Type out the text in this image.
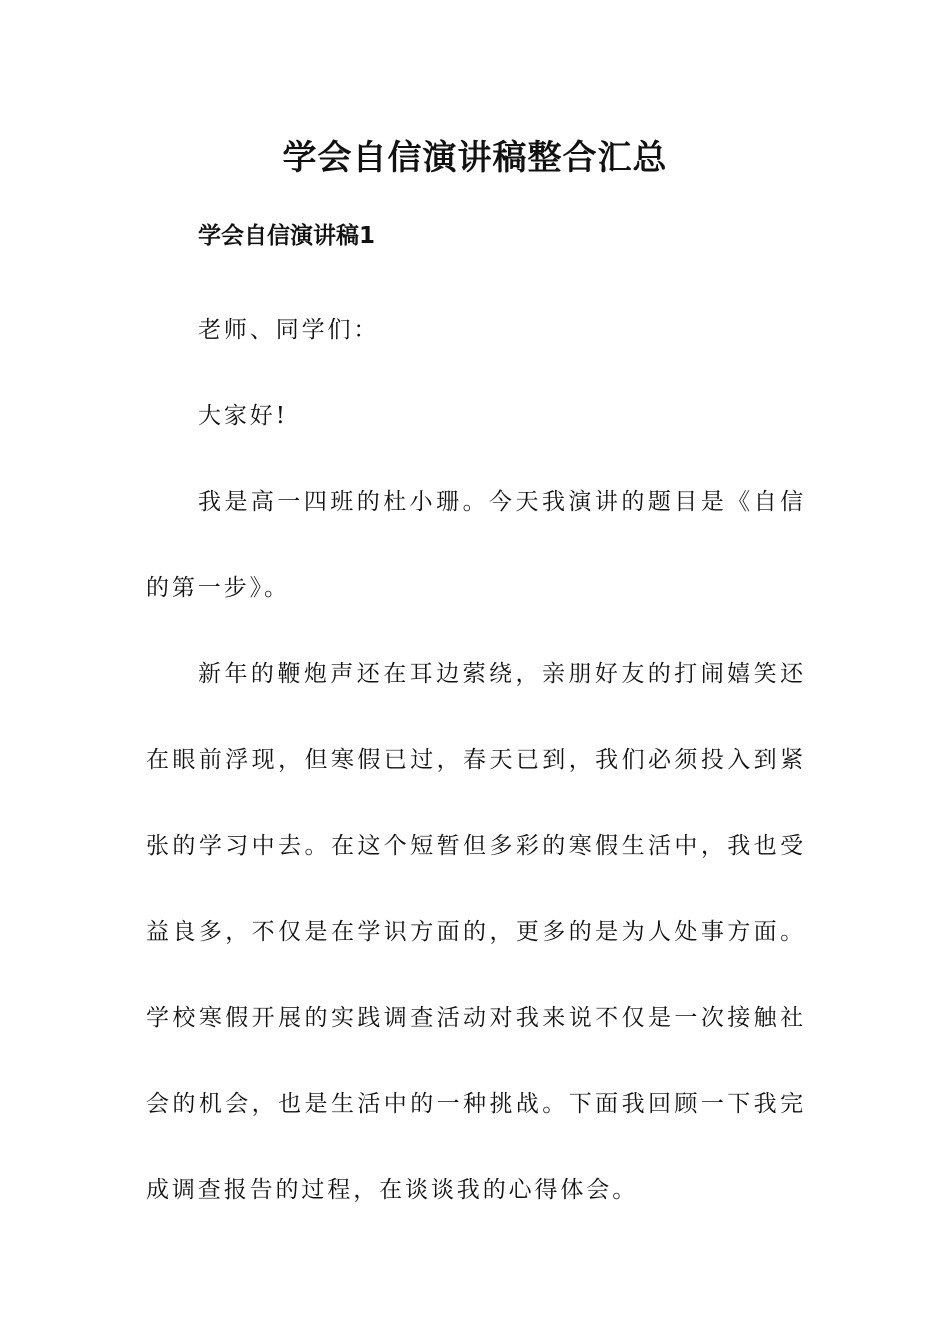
学会自信演讲稿整合汇总
学会自信演讲稿1

老师、同学们：

大家好!

我是高一四班的杜小珊。今天我演讲的题目是《自信的第一步》。

新年的鞭炮声还在耳边萦绕，亲朋好友的打闹嬉笑还在眼前浮现，但寒假已过，春天已到，我们必须投入到紧张的学习中去。在这个短暂但多彩的寒假生活中，我也受益良多，不仅是在学识方面的，更多的是为人处事方面。学校寒假开展的实践调查活动对我来说不仅是一次接触社会的机会，也是生活中的一种挑战。下面我回顾一下我完成调查报告的过程，在谈谈我的心得体会。
